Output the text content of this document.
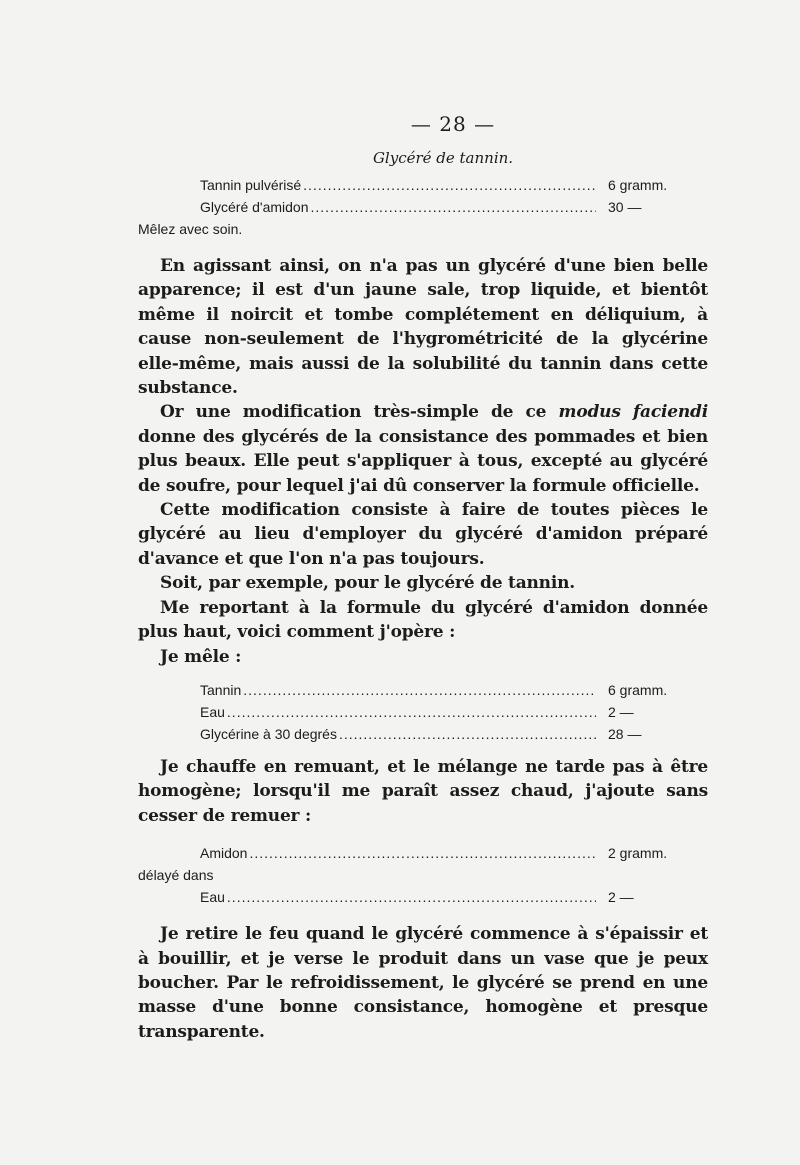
— 28 —
Glycéré de tannin.
Tannin pulvérisé .....	6 gramm.
Glycéré d'amidon .....	30 —
Mêlez avec soin.

En agissant ainsi, on n'a pas un glycéré d'une bien belle apparence; il est d'un jaune sale, trop liquide, et bientôt même il noircit et tombe complétement en déliquium, à cause non-seulement de l'hygrométricité de la glycérine elle-même, mais aussi de la solubilité du tannin dans cette substance.

Or une modification très-simple de ce modus faciendi donne des glycérés de la consistance des pommades et bien plus beaux. Elle peut s'appliquer à tous, excepté au glycéré de soufre, pour lequel j'ai dû conserver la formule officielle.

Cette modification consiste à faire de toutes pièces le glycéré au lieu d'employer du glycéré d'amidon préparé d'avance et que l'on n'a pas toujours.

Soit, par exemple, pour le glycéré de tannin.

Me reportant à la formule du glycéré d'amidon donnée plus haut, voici comment j'opère :

Je mêle :

Tannin .....	6 gramm.
Eau .....	2 —
Glycérine à 30 degrés .....	28 —

Je chauffe en remuant, et le mélange ne tarde pas à être homogène; lorsqu'il me paraît assez chaud, j'ajoute sans cesser de remuer :

Amidon .....	2 gramm.
délayé dans
Eau .....	2 —

Je retire le feu quand le glycéré commence à s'épaissir et à bouillir, et je verse le produit dans un vase que je peux boucher. Par le refroidissement, le glycéré se prend en une masse d'une bonne consistance, homogène et presque transparente.
